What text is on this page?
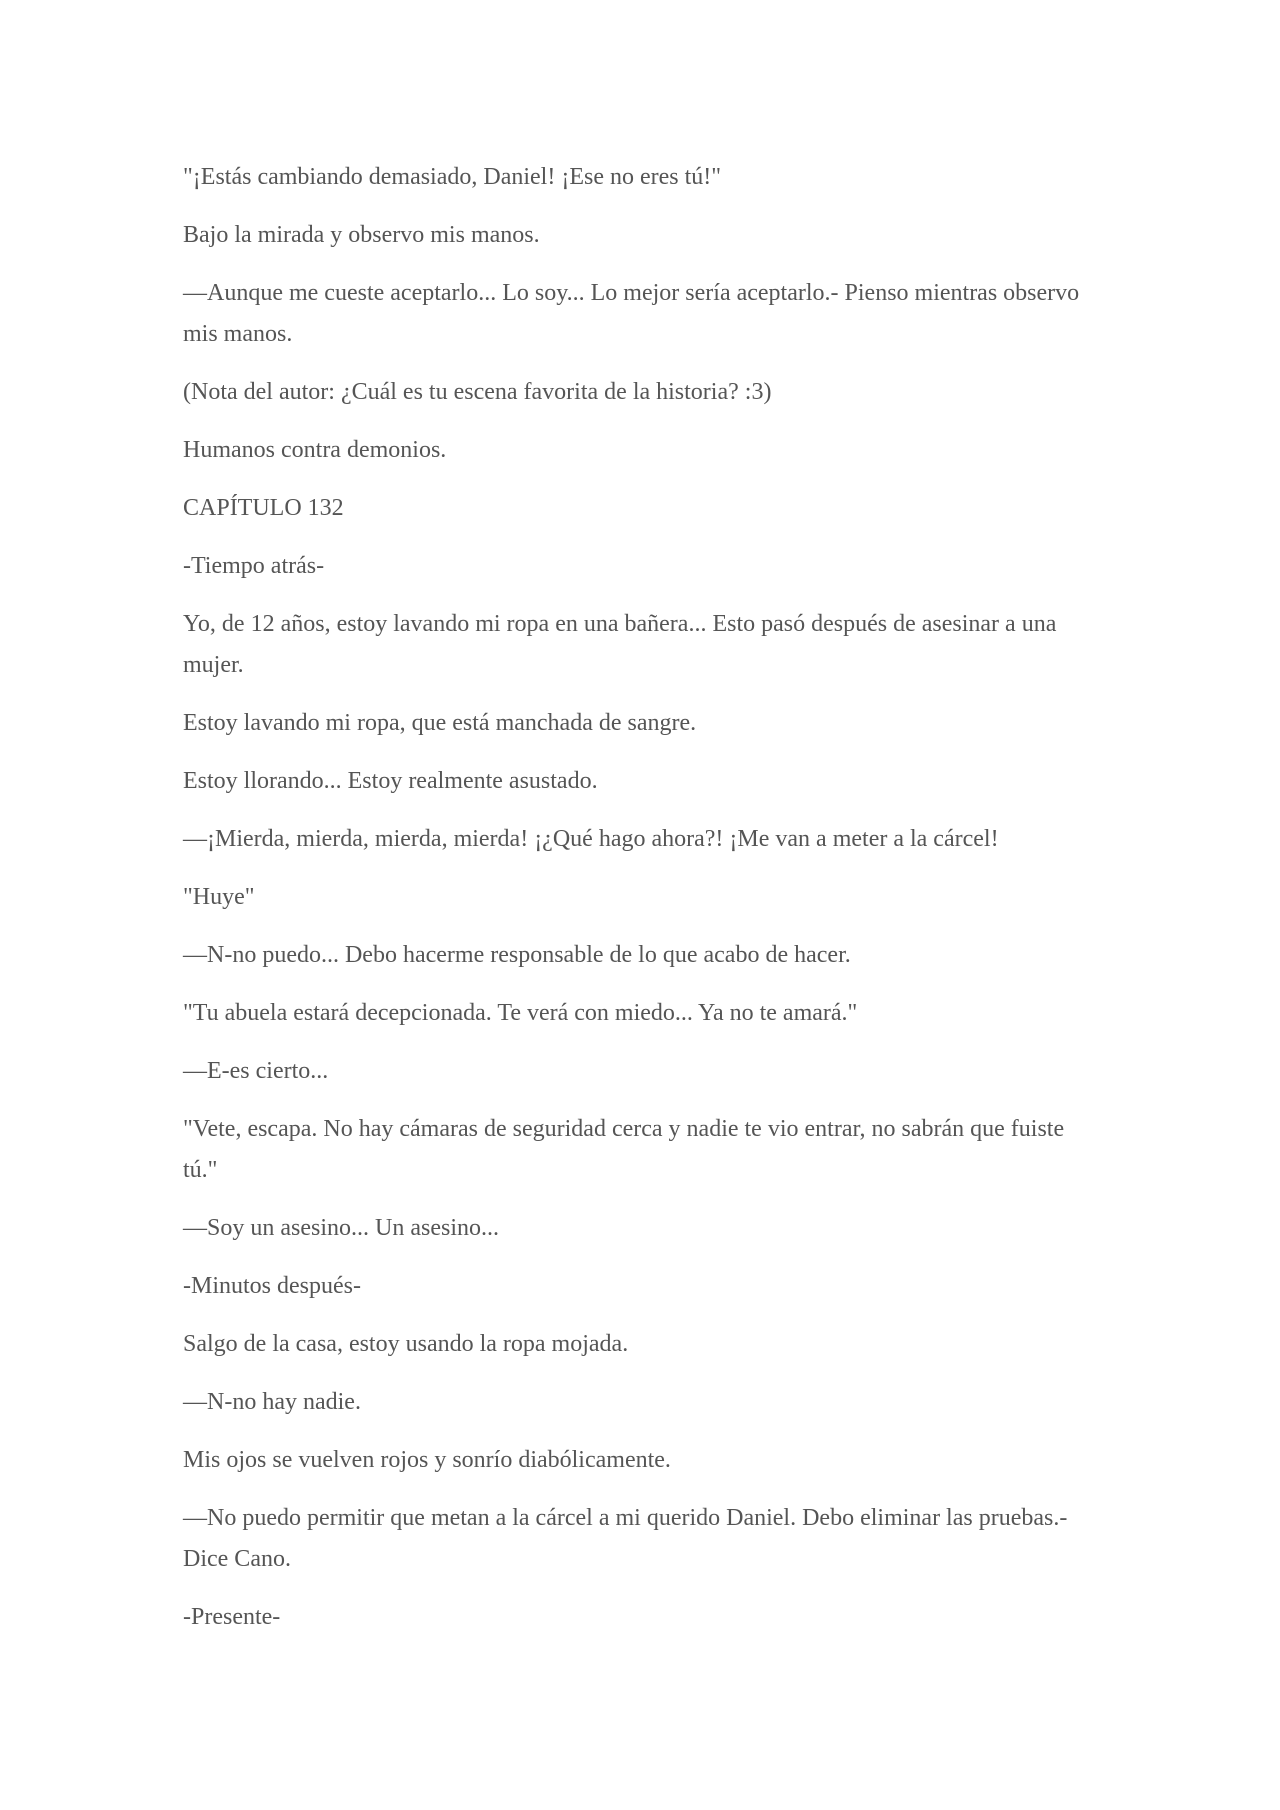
"¡Estás cambiando demasiado, Daniel! ¡Ese no eres tú!"

Bajo la mirada y observo mis manos.

—Aunque me cueste aceptarlo... Lo soy... Lo mejor sería aceptarlo.- Pienso mientras observo mis manos.

(Nota del autor: ¿Cuál es tu escena favorita de la historia? :3)

Humanos contra demonios.

CAPÍTULO 132

-Tiempo atrás-

Yo, de 12 años, estoy lavando mi ropa en una bañera... Esto pasó después de asesinar a una mujer.

Estoy lavando mi ropa, que está manchada de sangre.

Estoy llorando... Estoy realmente asustado.

—¡Mierda, mierda, mierda, mierda! ¡¿Qué hago ahora?! ¡Me van a meter a la cárcel!

"Huye"

—N-no puedo... Debo hacerme responsable de lo que acabo de hacer.

"Tu abuela estará decepcionada. Te verá con miedo... Ya no te amará."

—E-es cierto...

"Vete, escapa. No hay cámaras de seguridad cerca y nadie te vio entrar, no sabrán que fuiste tú."

—Soy un asesino... Un asesino...

-Minutos después-

Salgo de la casa, estoy usando la ropa mojada.

—N-no hay nadie.

Mis ojos se vuelven rojos y sonrío diabólicamente.

—No puedo permitir que metan a la cárcel a mi querido Daniel. Debo eliminar las pruebas.- Dice Cano.

-Presente-
